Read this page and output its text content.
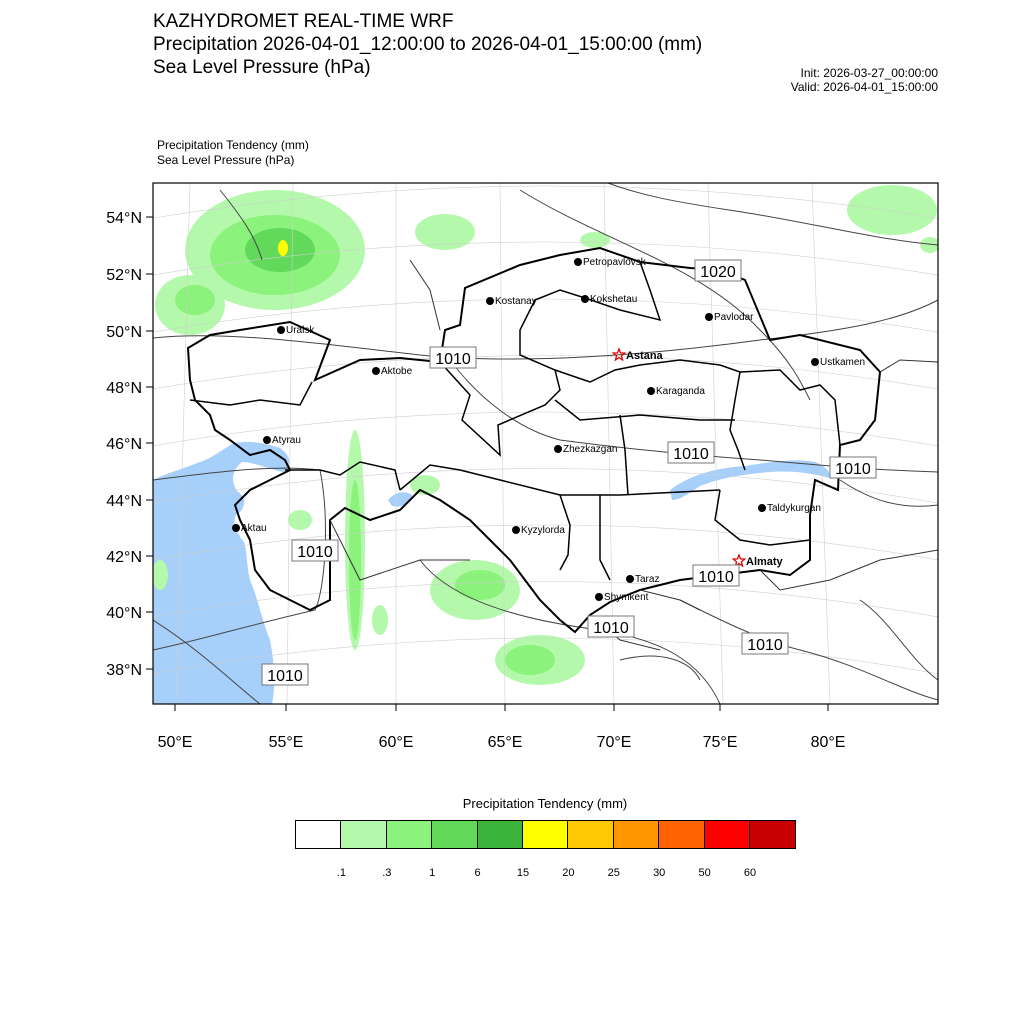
KAZHYDROMET REAL-TIME WRF
Precipitation 2026-04-01_12:00:00 to 2026-04-01_15:00:00 (mm)
Sea Level Pressure (hPa)	Init: 2026-03-27_00:00:00
Valid: 2026-04-01_15:00:00
Precipitation Tendency (mm)
Sea Level Pressure (hPa)
54°N
52°N
50°N
48°N
46°N
44°N
42°N
40°N
38°N
50°E	55°E	60°E	65°E	70°E	75°E	80°E
Petropavlovsk
Kostanay	Kokshetau
Pavlodar
Uralsk
Aktobe
Ustkamen
Karaganda
Atyrau
Zhezkazgan
Aktau	Kyzylorda
Taldykurgan
Taraz
Shymkent
Astana
Almaty
1020
1010
1010
1010
1010
1010
1010
1010
1010
Precipitation Tendency (mm)
.1	.3	1	6	15	20	25	30	50	60
